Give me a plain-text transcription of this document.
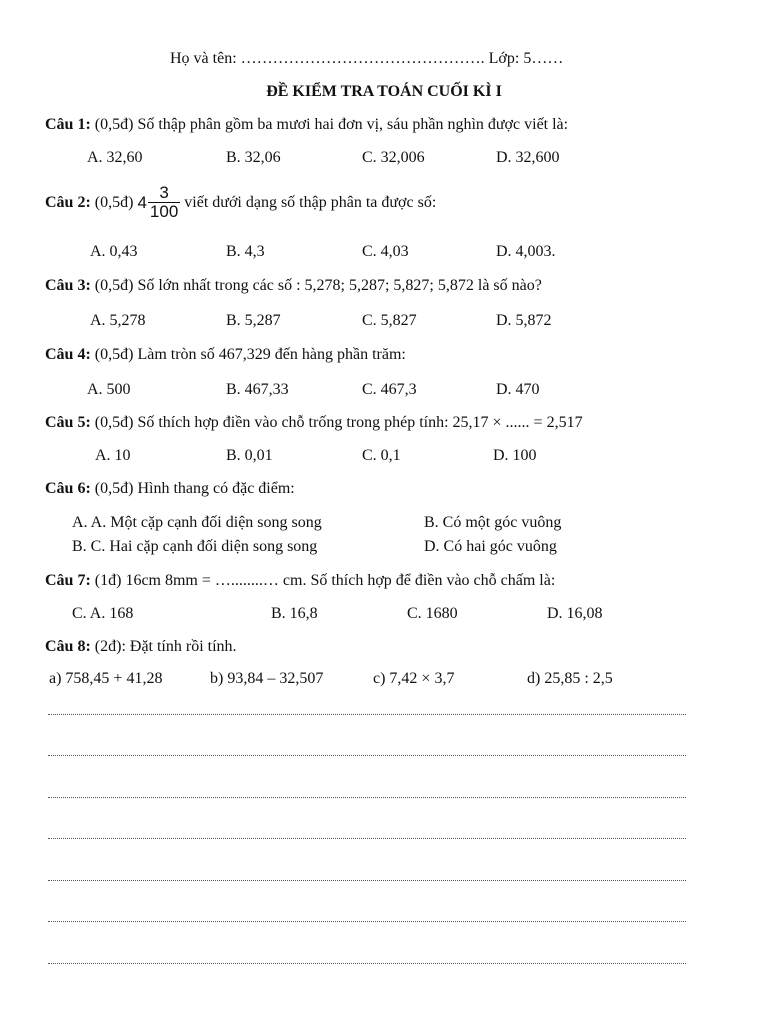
Họ và tên: ………………………………………. Lớp: 5……
ĐỀ KIỂM TRA TOÁN CUỐI KÌ I
Câu 1: (0,5đ) Số thập phân gồm ba mươi hai đơn vị, sáu phần nghìn được viết là:
A. 32,60	B. 32,06	C. 32,006	D. 32,600
Câu 2:
(0,5đ)
$4 \frac{3}{100}$ viết dưới dạng số thập phân ta được số:
A. 0,43	B. 4,3	C. 4,03	D. 4,003.
Câu 3: (0,5đ) Số lớn nhất trong các số : 5,278; 5,287; 5,827; 5,872 là số nào?
A. 5,278	B. 5,287	C. 5,827	D. 5,872
Câu 4: (0,5đ) Làm tròn số 467,329 đến hàng phần trăm:
A. 500	B. 467,33	C. 467,3	D. 470
Câu 5: (0,5đ) Số thích hợp điền vào chỗ trống trong phép tính: 25,17 × ...... = 2,517
A. 10	B. 0,01	C. 0,1	D. 100
Câu 6: (0,5đ) Hình thang có đặc điểm:
A. A. Một cặp cạnh đối diện song song	B. Có một góc vuông
B. C. Hai cặp cạnh đối diện song song	D. Có hai góc vuông
Câu 7: (1đ) 16cm 8mm = …........… cm. Số thích hợp để điền vào chỗ chấm là:
C. A. 168	B. 16,8	C. 1680	D. 16,08
Câu 8: (2đ): Đặt tính rồi tính.
a) 758,45 + 41,28	b) 93,84 – 32,507	c) 7,42 × 3,7	d) 25,85 : 2,5
